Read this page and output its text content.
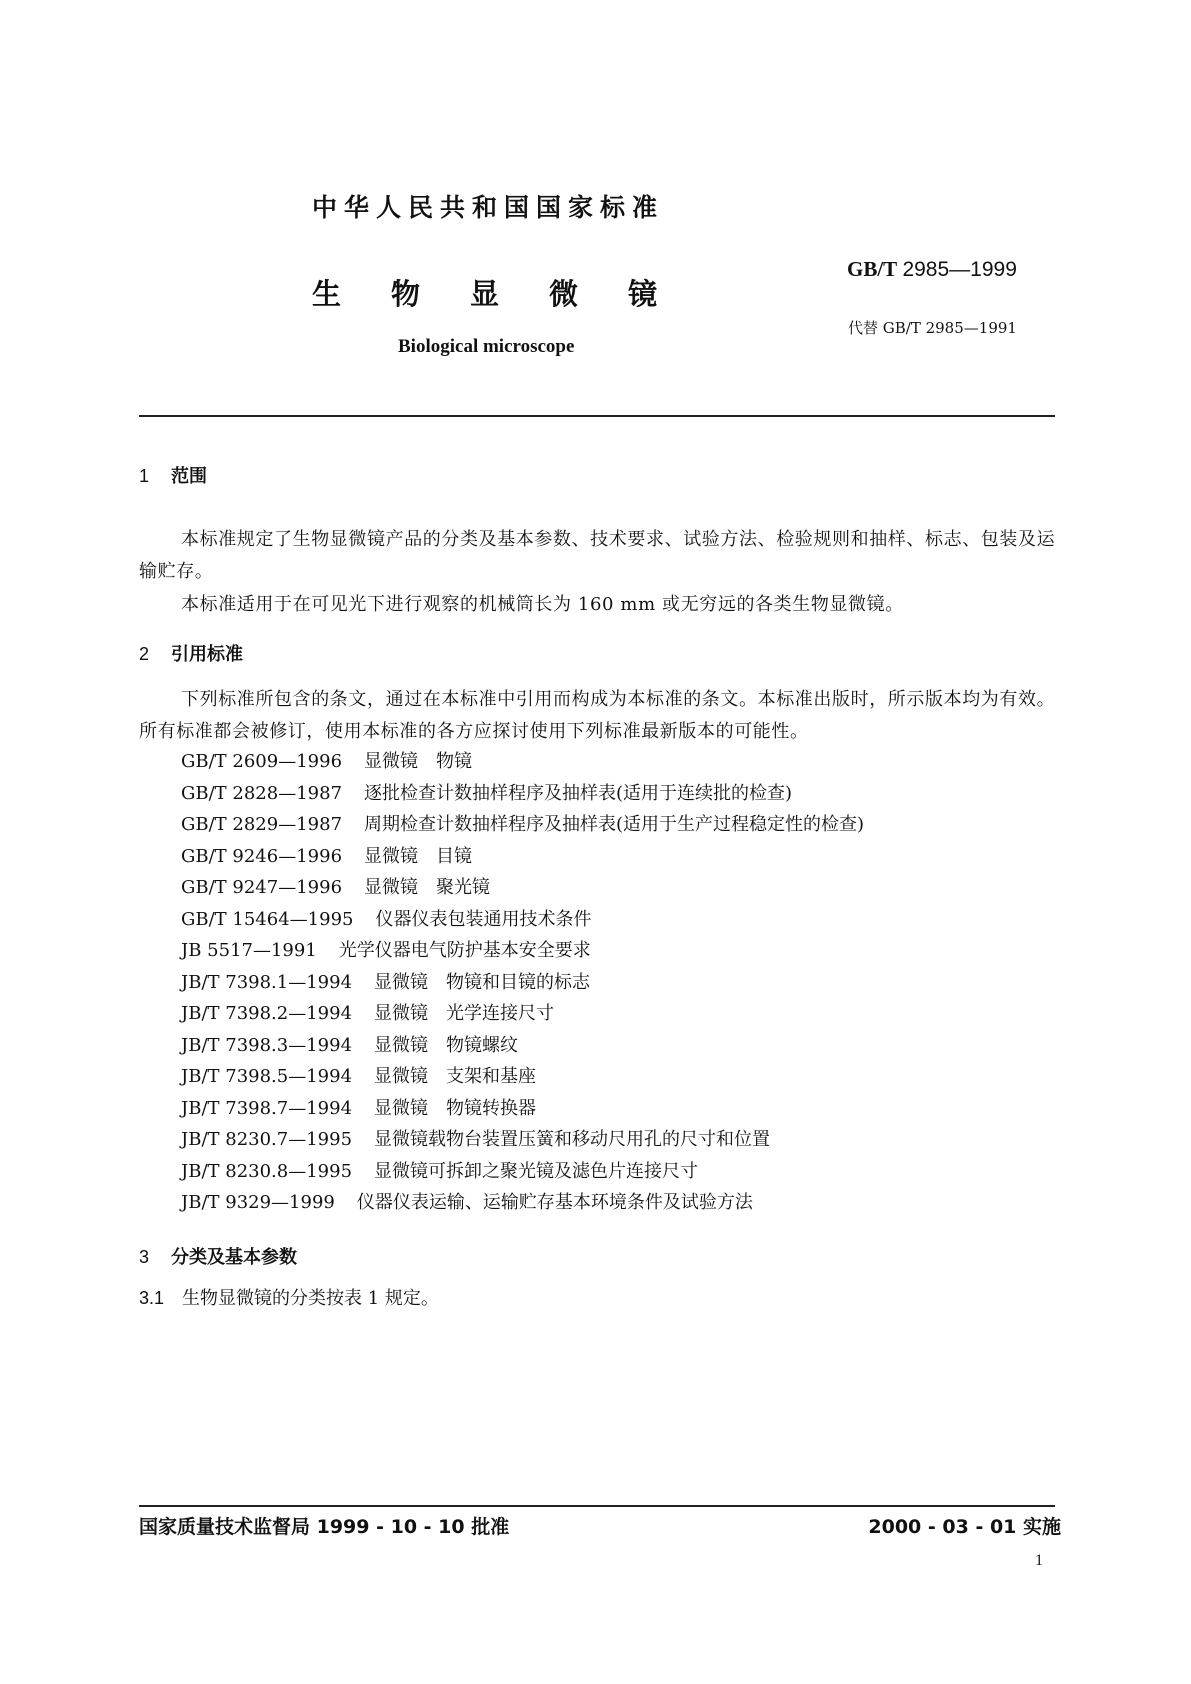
中华人民共和国国家标准
生物显微镜
Biological microscope
GB/T 2985—1999
代替 GB/T 2985—1991
1 范围
本标准规定了生物显微镜产品的分类及基本参数、技术要求、试验方法、检验规则和抽样、标志、包装及运输贮存。
本标准适用于在可见光下进行观察的机械筒长为 160 mm 或无穷远的各类生物显微镜。
2 引用标准
下列标准所包含的条文，通过在本标准中引用而构成为本标准的条文。本标准出版时，所示版本均为有效。所有标准都会被修订，使用本标准的各方应探讨使用下列标准最新版本的可能性。
GB/T 2609—1996 显微镜　物镜
GB/T 2828—1987 逐批检查计数抽样程序及抽样表(适用于连续批的检查)
GB/T 2829—1987 周期检查计数抽样程序及抽样表(适用于生产过程稳定性的检查)
GB/T 9246—1996 显微镜　目镜
GB/T 9247—1996 显微镜　聚光镜
GB/T 15464—1995 仪器仪表包装通用技术条件
JB 5517—1991 光学仪器电气防护基本安全要求
JB/T 7398.1—1994 显微镜　物镜和目镜的标志
JB/T 7398.2—1994 显微镜　光学连接尺寸
JB/T 7398.3—1994 显微镜　物镜螺纹
JB/T 7398.5—1994 显微镜　支架和基座
JB/T 7398.7—1994 显微镜　物镜转换器
JB/T 8230.7—1995 显微镜载物台装置压簧和移动尺用孔的尺寸和位置
JB/T 8230.8—1995 显微镜可拆卸之聚光镜及滤色片连接尺寸
JB/T 9329—1999 仪器仪表运输、运输贮存基本环境条件及试验方法
3 分类及基本参数
3.1 生物显微镜的分类按表 1 规定。
国家质量技术监督局 1999 - 10 - 10 批准	2000 - 03 - 01 实施
1
